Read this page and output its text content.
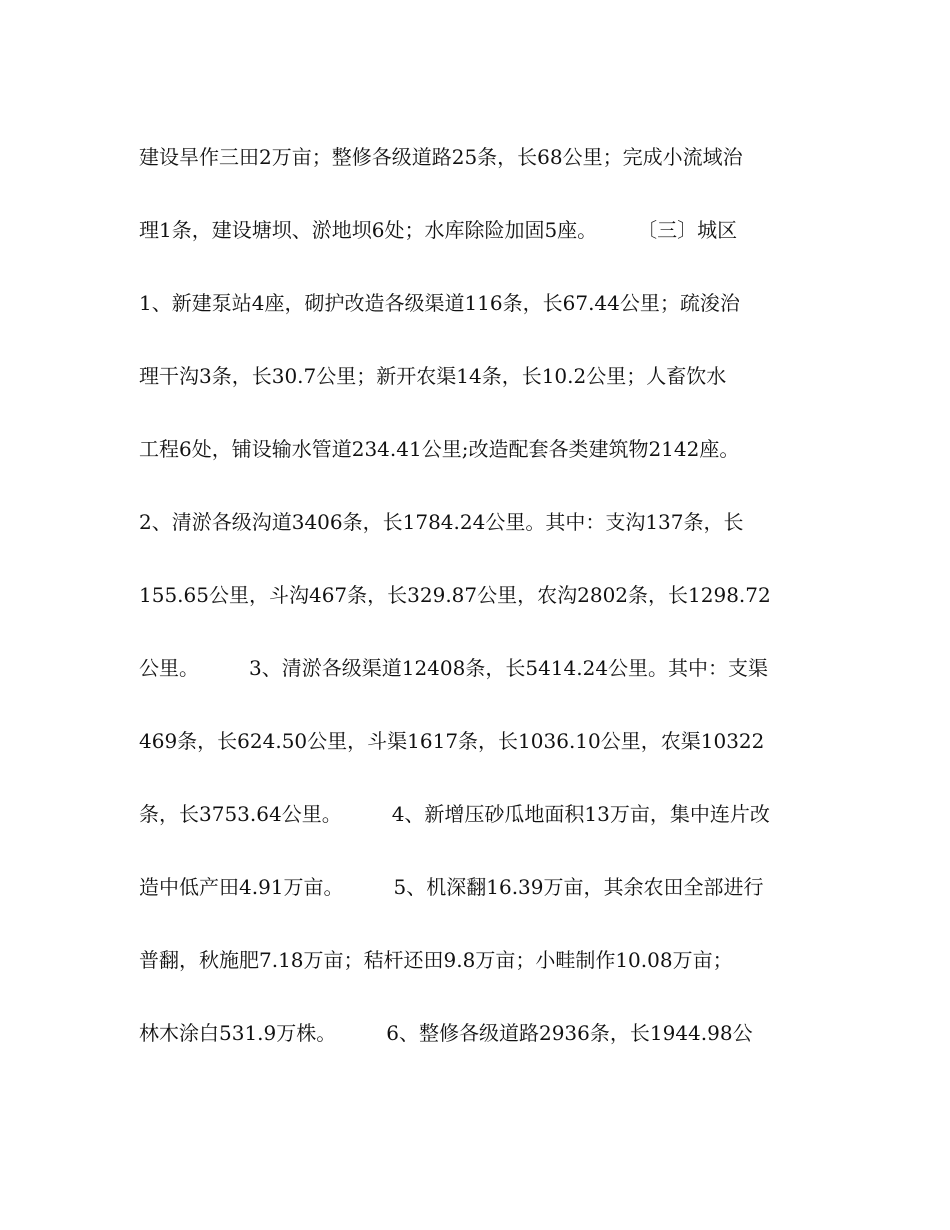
建设旱作三田2万亩；整修各级道路25条，长68公里；完成小流域治
理1条，建设塘坝、淤地坝6处；水库除险加固5座。　　　〔三〕城区
1、新建泵站4座，砌护改造各级渠道116条，长67.44公里；疏浚治
理干沟3条，长30.7公里；新开农渠14条，长10.2公里；人畜饮水
工程6处，铺设输水管道234.41公里;改造配套各类建筑物2142座。
2、清淤各级沟道3406条，长1784.24公里。其中：支沟137条，长
155.65公里，斗沟467条，长329.87公里，农沟2802条，长1298.72
公里。　　　3、清淤各级渠道12408条，长5414.24公里。其中：支渠
469条，长624.50公里，斗渠1617条，长1036.10公里，农渠10322
条，长3753.64公里。　　　4、新增压砂瓜地面积13万亩，集中连片改
造中低产田4.91万亩。　　　5、机深翻16.39万亩，其余农田全部进行
普翻，秋施肥7.18万亩；秸杆还田9.8万亩；小畦制作10.08万亩；
林木涂白531.9万株。　　　6、整修各级道路2936条，长1944.98公
